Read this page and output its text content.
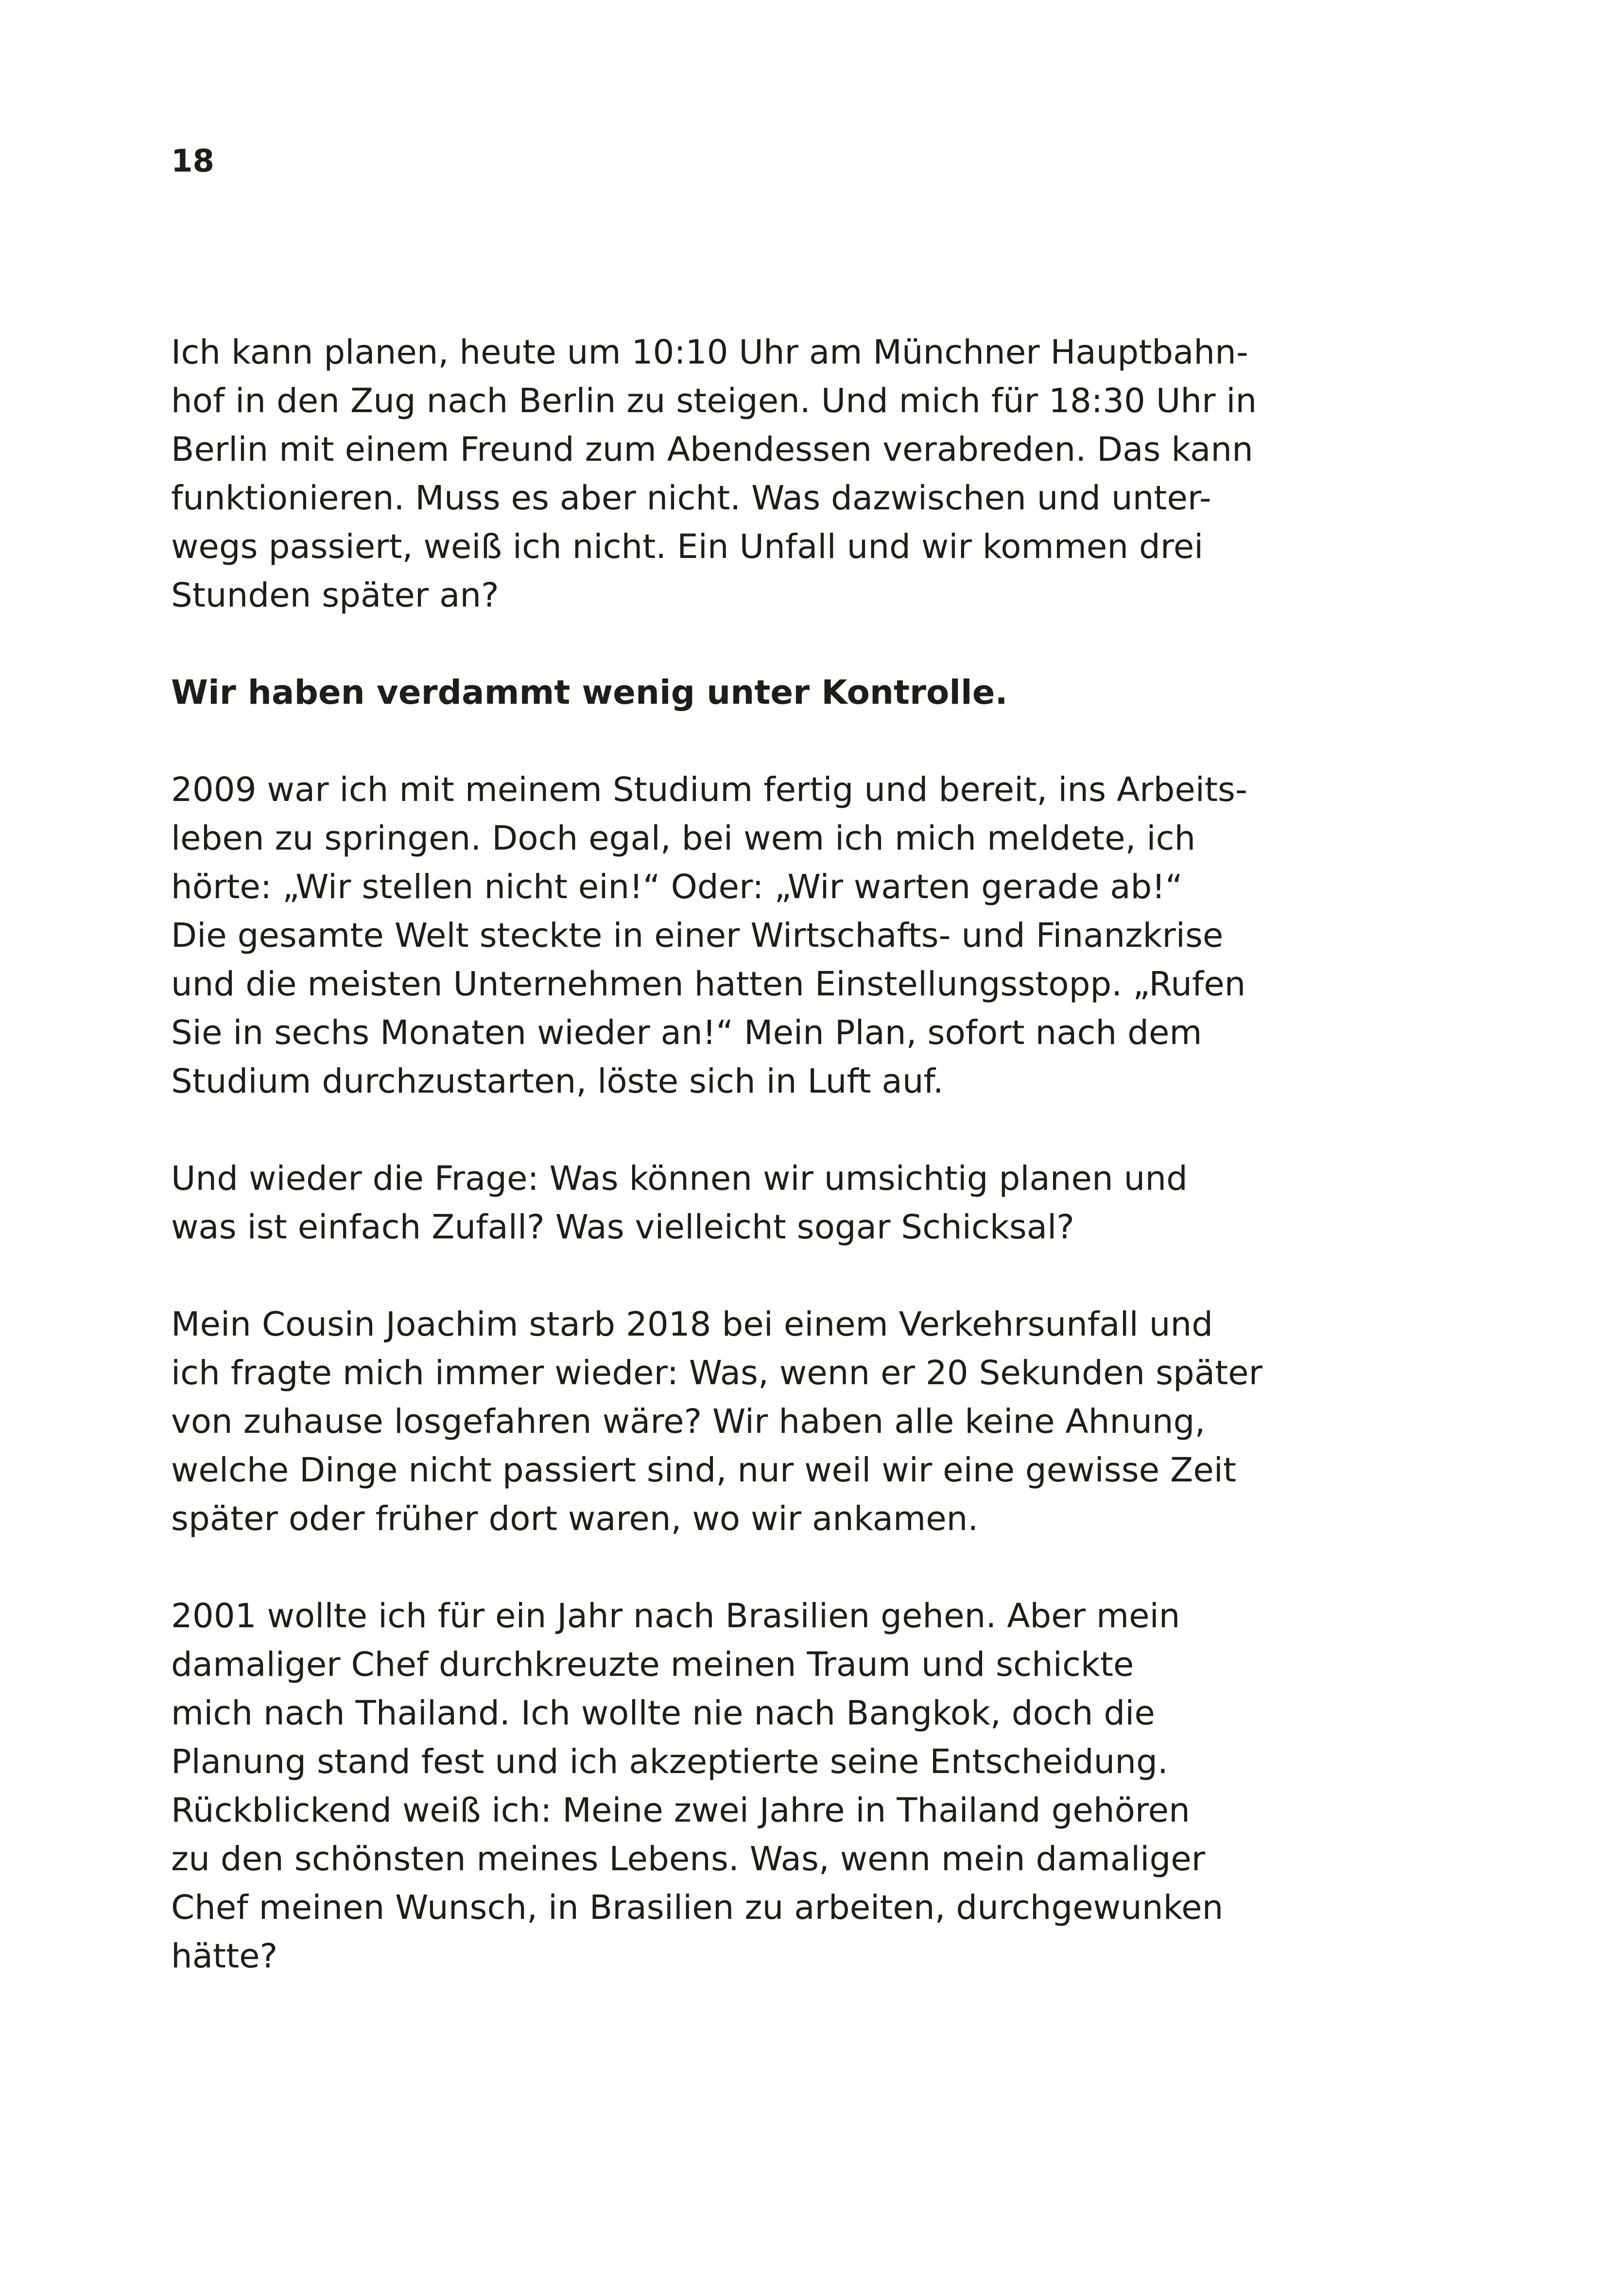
18

Ich kann planen, heute um 10:10 Uhr am Münchner Hauptbahn-
hof in den Zug nach Berlin zu steigen. Und mich für 18:30 Uhr in
Berlin mit einem Freund zum Abendessen verabreden. Das kann
funktionieren. Muss es aber nicht. Was dazwischen und unter-
wegs passiert, weiß ich nicht. Ein Unfall und wir kommen drei
Stunden später an?

Wir haben verdammt wenig unter Kontrolle.

2009 war ich mit meinem Studium fertig und bereit, ins Arbeits-
leben zu springen. Doch egal, bei wem ich mich meldete, ich
hörte: „Wir stellen nicht ein!“ Oder: „Wir warten gerade ab!“
Die gesamte Welt steckte in einer Wirtschafts- und Finanzkrise
und die meisten Unternehmen hatten Einstellungsstopp. „Rufen
Sie in sechs Monaten wieder an!“ Mein Plan, sofort nach dem
Studium durchzustarten, löste sich in Luft auf.

Und wieder die Frage: Was können wir umsichtig planen und
was ist einfach Zufall? Was vielleicht sogar Schicksal?

Mein Cousin Joachim starb 2018 bei einem Verkehrsunfall und
ich fragte mich immer wieder: Was, wenn er 20 Sekunden später
von zuhause losgefahren wäre? Wir haben alle keine Ahnung,
welche Dinge nicht passiert sind, nur weil wir eine gewisse Zeit
später oder früher dort waren, wo wir ankamen.

2001 wollte ich für ein Jahr nach Brasilien gehen. Aber mein
damaliger Chef durchkreuzte meinen Traum und schickte
mich nach Thailand. Ich wollte nie nach Bangkok, doch die
Planung stand fest und ich akzeptierte seine Entscheidung.
Rückblickend weiß ich: Meine zwei Jahre in Thailand gehören
zu den schönsten meines Lebens. Was, wenn mein damaliger
Chef meinen Wunsch, in Brasilien zu arbeiten, durchgewunken
hätte?
